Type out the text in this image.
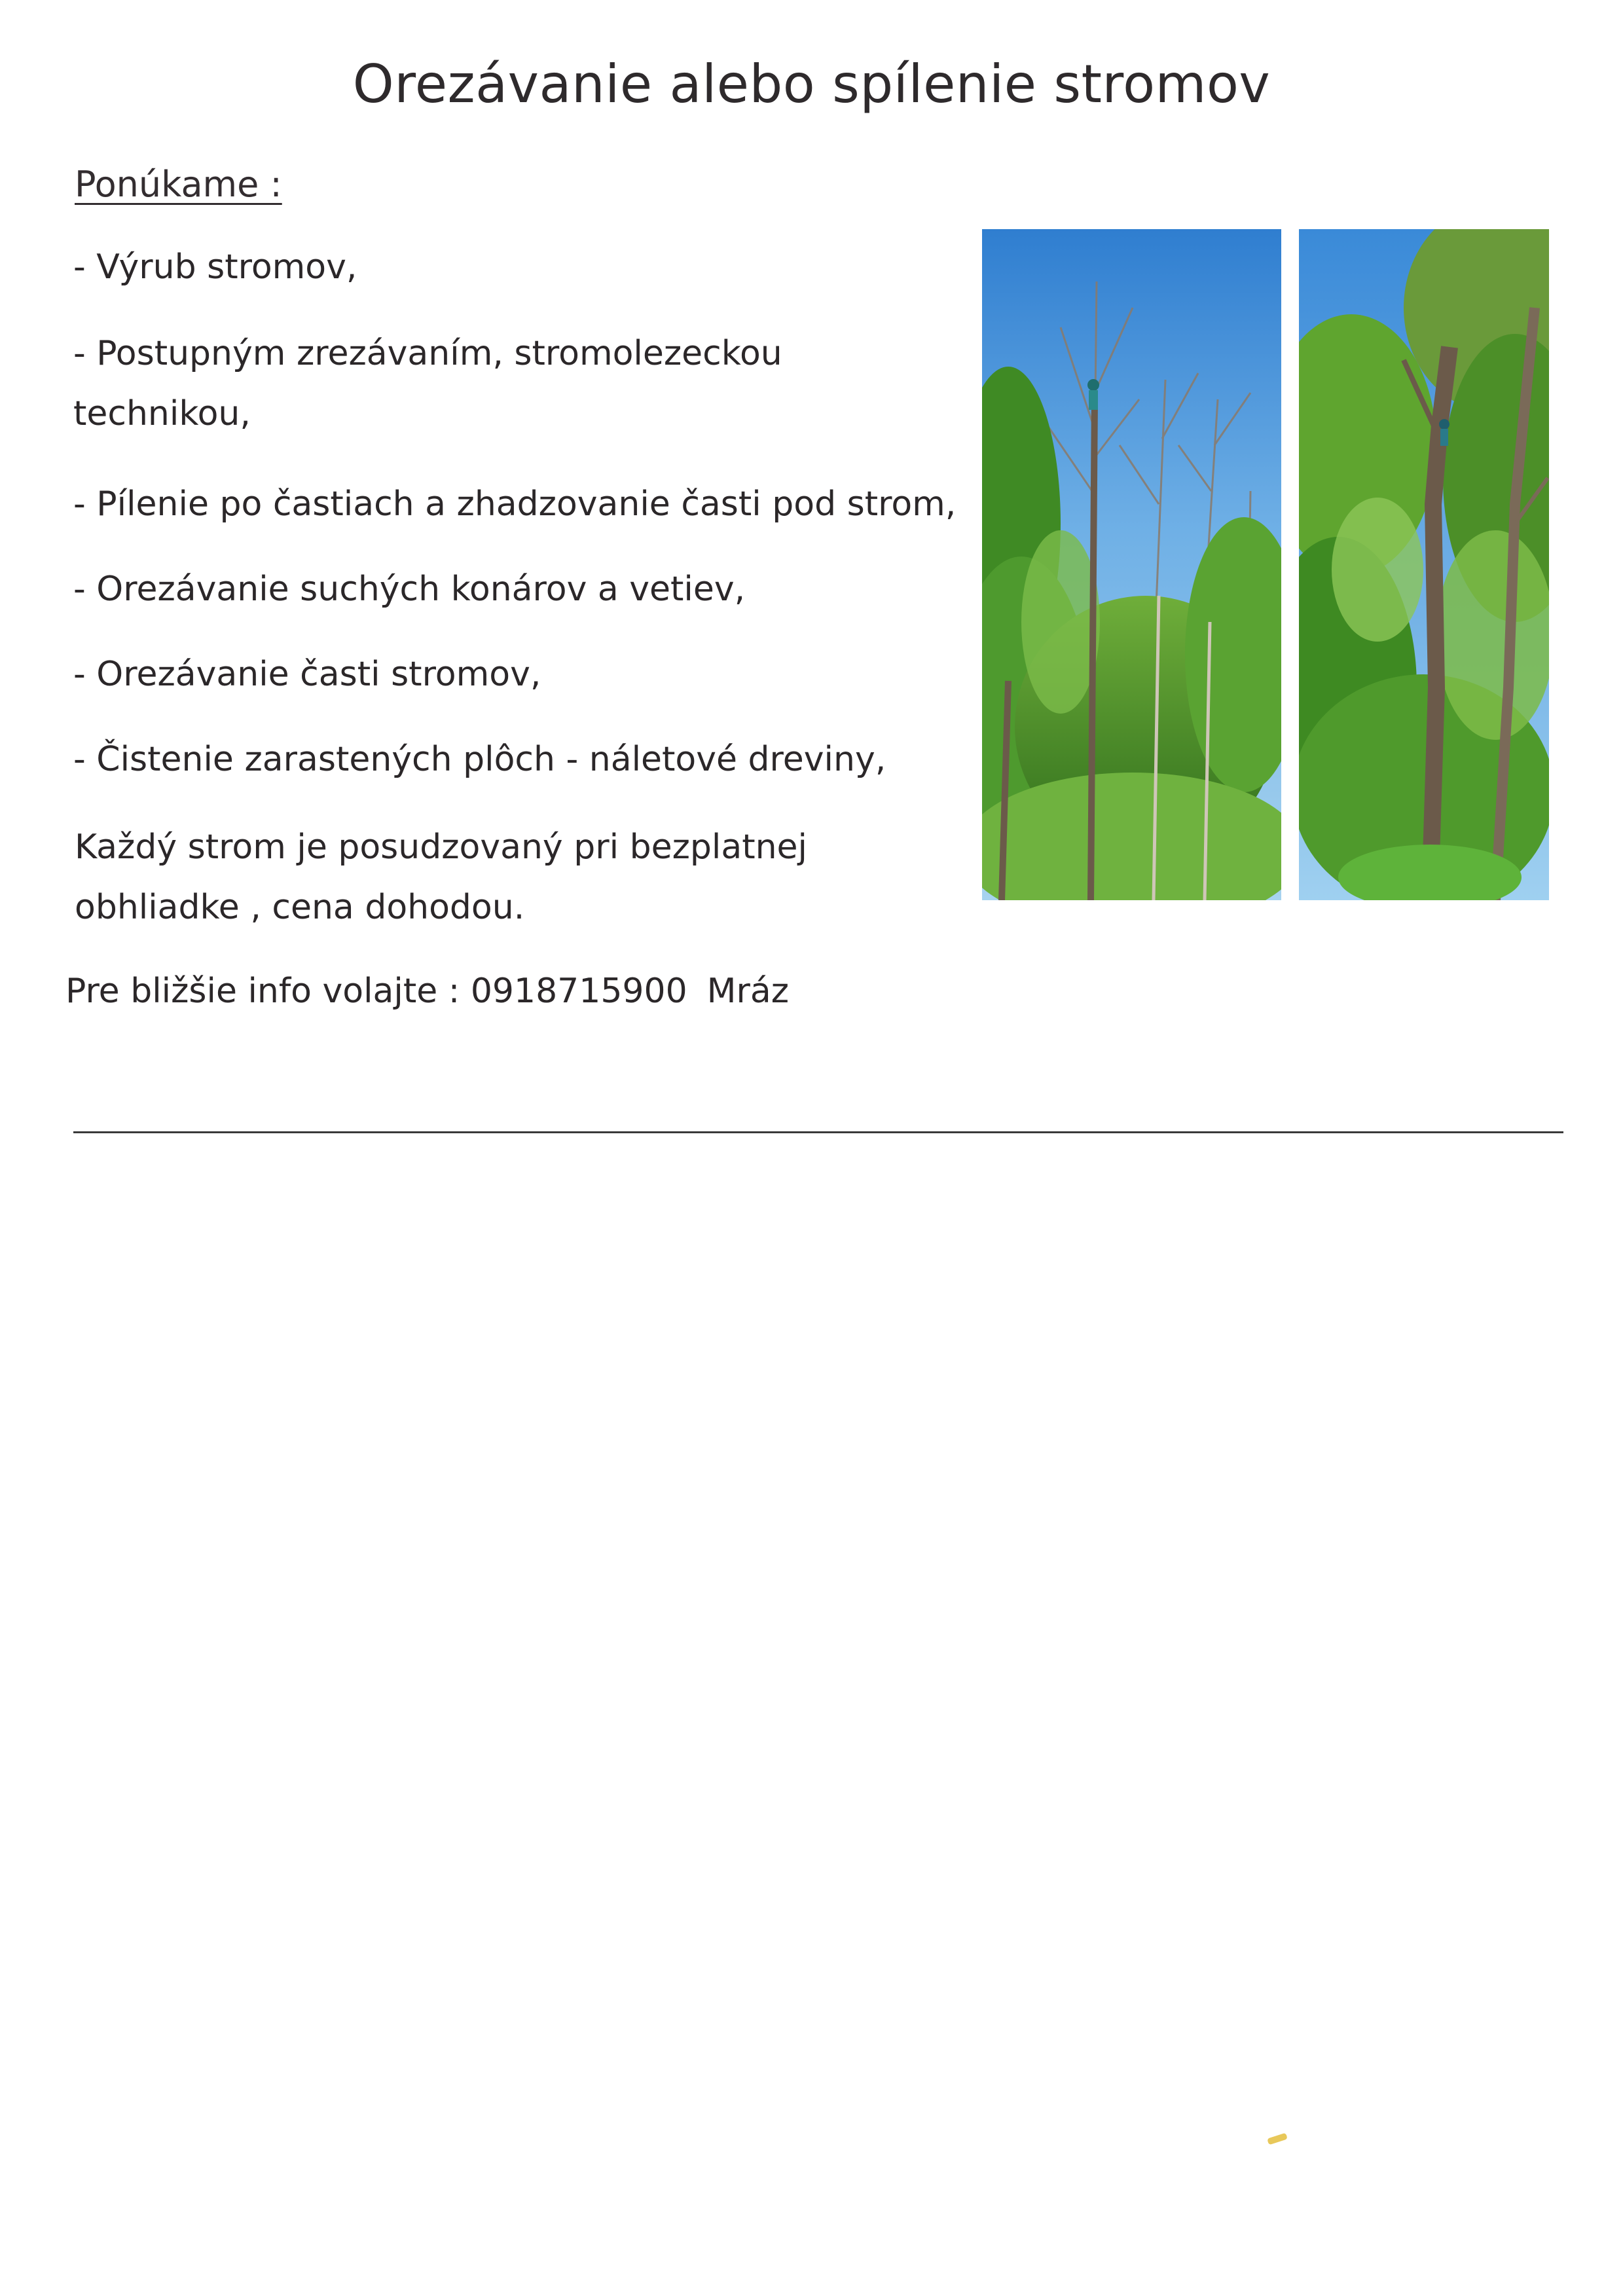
Orezávanie alebo spílenie stromov
Ponúkame :
- Výrub stromov,
- Postupným zrezávaním, stromolezeckou
technikou,
- Pílenie po častiach a zhadzovanie časti pod strom,
- Orezávanie suchých konárov a vetiev,
- Orezávanie časti stromov,
- Čistenie zarastených plôch - náletové dreviny,
Každý strom je posudzovaný pri bezplatnej
obhliadke , cena dohodou.
Pre bližšie info volajte : 0918715900 Mráz
